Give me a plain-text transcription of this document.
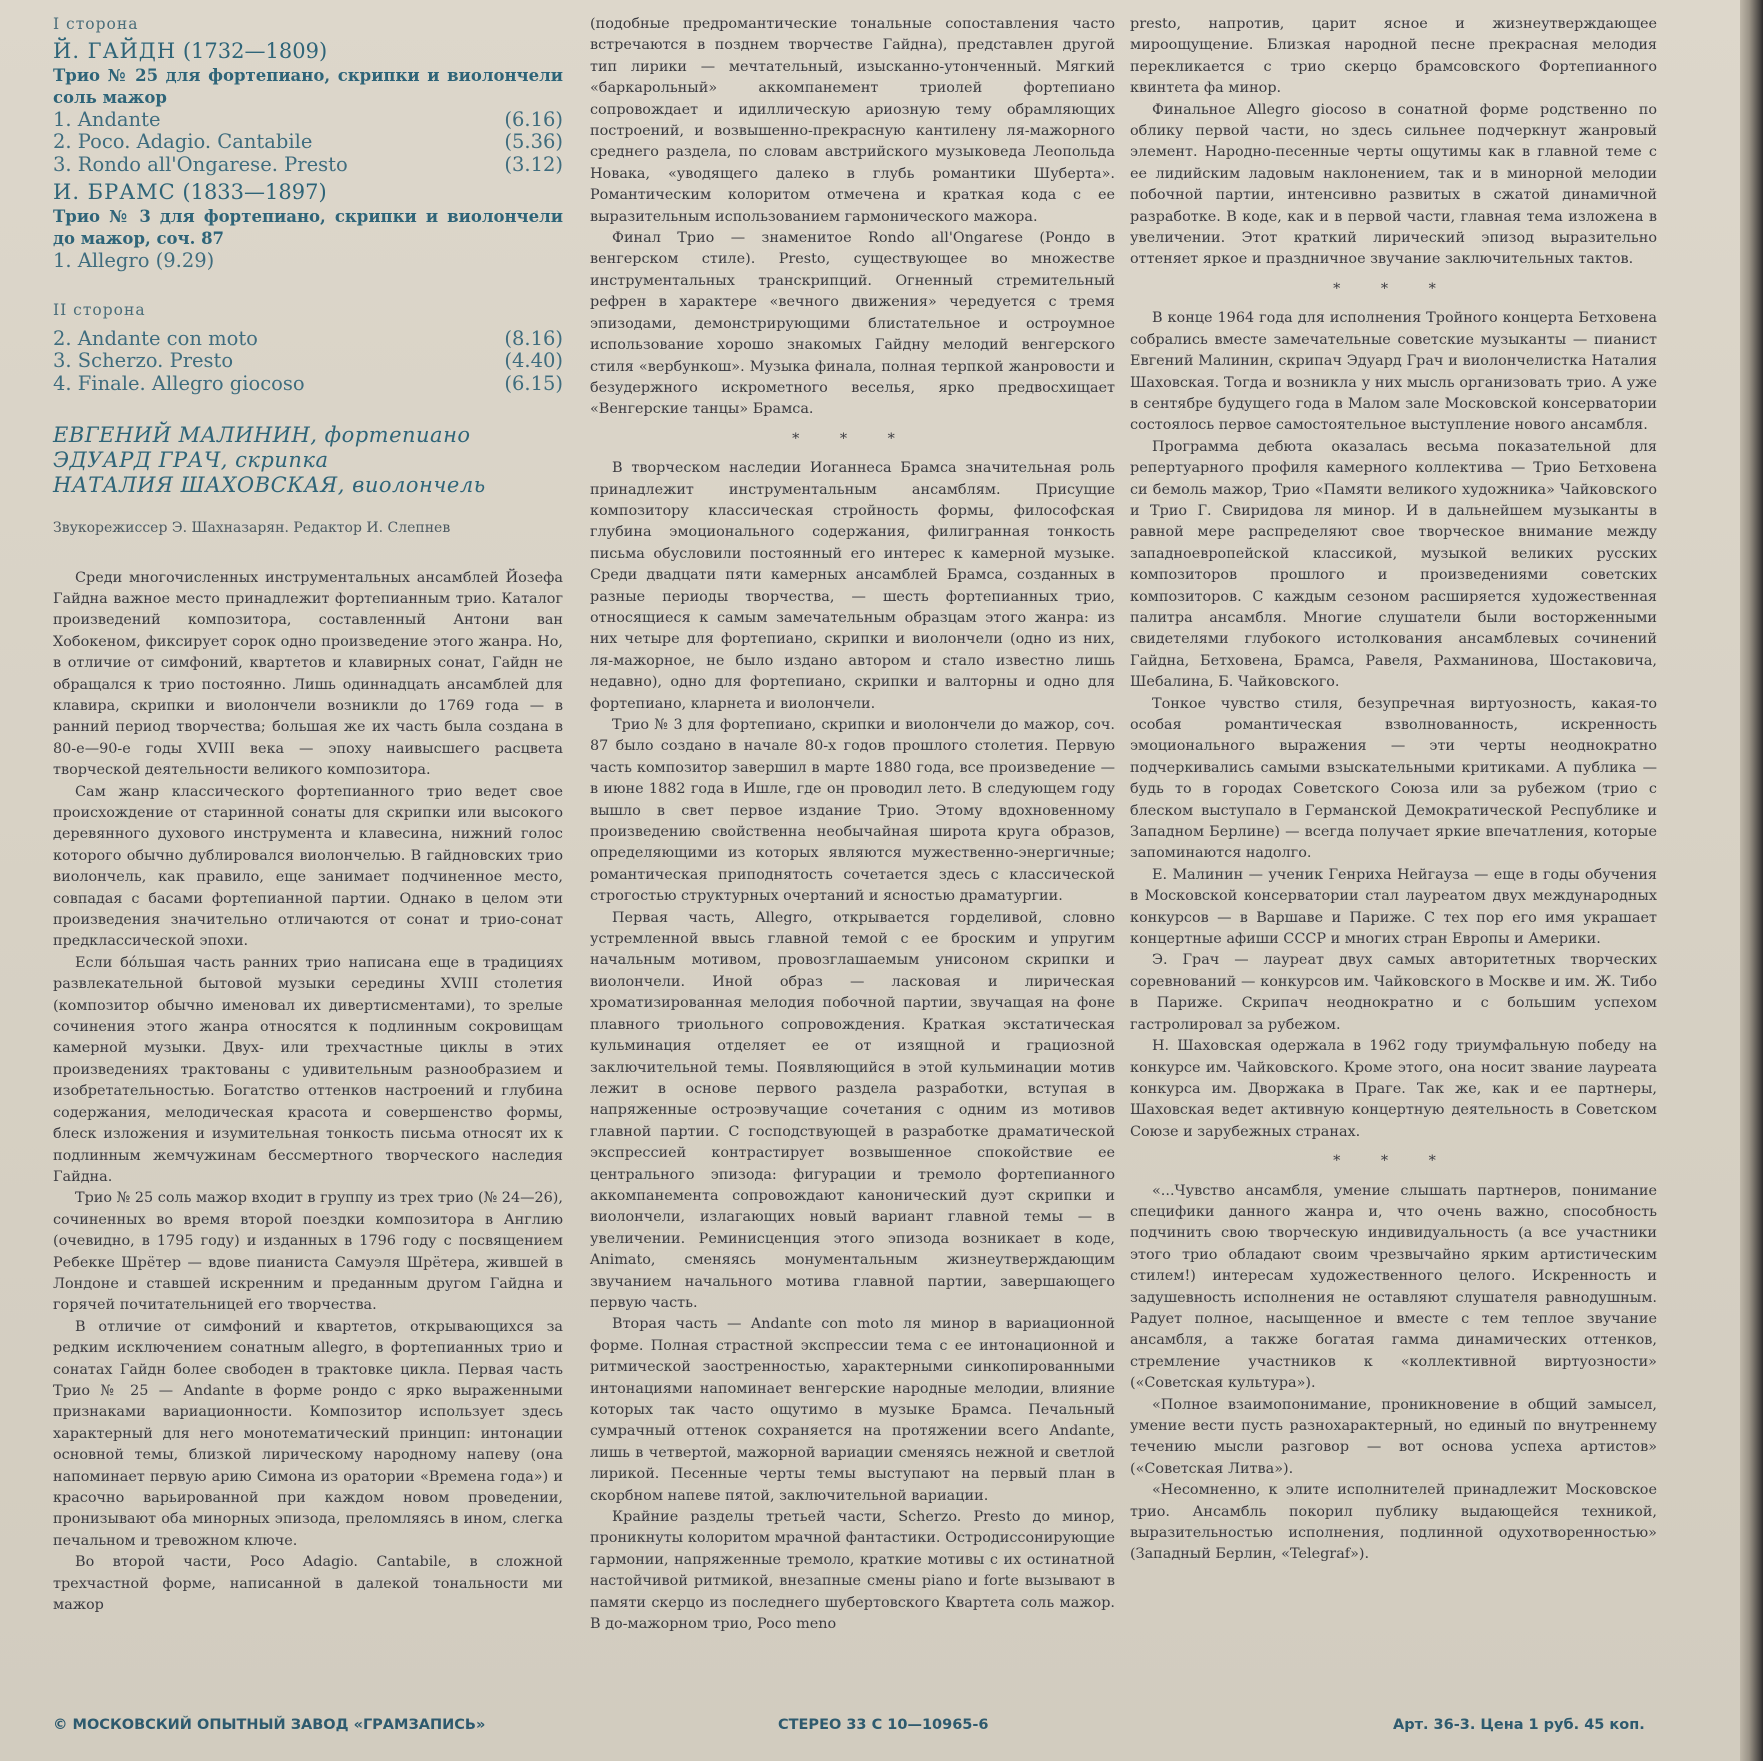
I сторона
Й. ГАЙДН (1732—1809)
Трио № 25 для фортепиано, скрипки и виолончели соль мажор
1. Andante	(6.16)
2. Poco. Adagio. Cantabile	(5.36)
3. Rondo all'Ongarese. Presto	(3.12)
И. БРАМС (1833—1897)
Трио № 3 для фортепиано, скрипки и виолончели до мажор, соч. 87
1. Allegro (9.29)
II сторона
2. Andante con moto	(8.16)
3. Scherzo. Presto	(4.40)
4. Finale. Allegro giocoso	(6.15)
ЕВГЕНИЙ МАЛИНИН, фортепиано
ЭДУАРД ГРАЧ, скрипка
НАТАЛИЯ ШАХОВСКАЯ, виолончель
Звукорежиссер Э. Шахназарян. Редактор И. Слепнев

Среди многочисленных инструментальных ансамблей Йозефа Гайдна важное место принадлежит фортепианным трио. Каталог произведений композитора, составленный Антони ван Хобокеном, фиксирует сорок одно произведение этого жанра. Но, в отличие от симфоний, квартетов и клавирных сонат, Гайдн не обращался к трио постоянно. Лишь одиннадцать ансамблей для клавира, скрипки и виолончели возникли до 1769 года — в ранний период творчества; большая же их часть была создана в 80-е—90-е годы XVIII века — эпоху наивысшего расцвета творческой деятельности великого композитора.

Сам жанр классического фортепианного трио ведет свое происхождение от старинной сонаты для скрипки или высокого деревянного духового инструмента и клавесина, нижний голос которого обычно дублировался виолончелью. В гайдновских трио виолончель, как правило, еще занимает подчиненное место, совпадая с басами фортепианной партии. Однако в целом эти произведения значительно отличаются от сонат и трио-сонат предклассической эпохи.

Если бóльшая часть ранних трио написана еще в традициях развлекательной бытовой музыки середины XVIII столетия (композитор обычно именовал их дивертисментами), то зрелые сочинения этого жанра относятся к подлинным сокровищам камерной музыки. Двух- или трехчастные циклы в этих произведениях трактованы с удивительным разнообразием и изобретательностью. Богатство оттенков настроений и глубина содержания, мелодическая красота и совершенство формы, блеск изложения и изумительная тонкость письма относят их к подлинным жемчужинам бессмертного творческого наследия Гайдна.

Трио № 25 соль мажор входит в группу из трех трио (№ 24—26), сочиненных во время второй поездки композитора в Англию (очевидно, в 1795 году) и изданных в 1796 году с посвящением Ребекке Шрётер — вдове пианиста Самуэля Шрётера, жившей в Лондоне и ставшей искренним и преданным другом Гайдна и горячей почитательницей его творчества.

В отличие от симфоний и квартетов, открывающихся за редким исключением сонатным allegro, в фортепианных трио и сонатах Гайдн более свободен в трактовке цикла. Первая часть Трио № 25 — Andante в форме рондо с ярко выраженными признаками вариационности. Композитор использует здесь характерный для него монотематический принцип: интонации основной темы, близкой лирическому народному напеву (она напоминает первую арию Симона из оратории «Времена года») и красочно варьированной при каждом новом проведении, пронизывают оба минорных эпизода, преломляясь в ином, слегка печальном и тревожном ключе.

Во второй части, Poco Adagio. Cantabile, в сложной трехчастной форме, написанной в далекой тональности ми мажор

(подобные предромантические тональные сопоставления часто встречаются в позднем творчестве Гайдна), представлен другой тип лирики — мечтательный, изысканно-утонченный. Мягкий «баркарольный» аккомпанемент триолей фортепиано сопровождает и идиллическую ариозную тему обрамляющих построений, и возвышенно-прекрасную кантилену ля-мажорного среднего раздела, по словам австрийского музыковеда Леопольда Новака, «уводящего далеко в глубь романтики Шуберта». Романтическим колоритом отмечена и краткая кода с ее выразительным использованием гармонического мажора.

Финал Трио — знаменитое Rondo all'Ongarese (Рондо в венгерском стиле). Presto, существующее во множестве инструментальных транскрипций. Огненный стремительный рефрен в характере «вечного движения» чередуется с тремя эпизодами, демонстрирующими блистательное и остроумное использование хорошо знакомых Гайдну мелодий венгерского стиля «вербункош». Музыка финала, полная терпкой жанровости и безудержного искрометного веселья, ярко предвосхищает «Венгерские танцы» Брамса.

* * *

В творческом наследии Иоганнеса Брамса значительная роль принадлежит инструментальным ансамблям. Присущие композитору классическая стройность формы, философская глубина эмоционального содержания, филигранная тонкость письма обусловили постоянный его интерес к камерной музыке. Среди двадцати пяти камерных ансамблей Брамса, созданных в разные периоды творчества, — шесть фортепианных трио, относящиеся к самым замечательным образцам этого жанра: из них четыре для фортепиано, скрипки и виолончели (одно из них, ля-мажорное, не было издано автором и стало известно лишь недавно), одно для фортепиано, скрипки и валторны и одно для фортепиано, кларнета и виолончели.

Трио № 3 для фортепиано, скрипки и виолончели до мажор, соч. 87 было создано в начале 80-х годов прошлого столетия. Первую часть композитор завершил в марте 1880 года, все произведение — в июне 1882 года в Ишле, где он проводил лето. В следующем году вышло в свет первое издание Трио. Этому вдохновенному произведению свойственна необычайная широта круга образов, определяющими из которых являются мужественно-энергичные; романтическая приподнятость сочетается здесь с классической строгостью структурных очертаний и ясностью драматургии.

Первая часть, Allegro, открывается горделивой, словно устремленной ввысь главной темой с ее броским и упругим начальным мотивом, провозглашаемым унисоном скрипки и виолончели. Иной образ — ласковая и лирическая хроматизированная мелодия побочной партии, звучащая на фоне плавного триольного сопровождения. Краткая экстатическая кульминация отделяет ее от изящной и грациозной заключительной темы. Появляющийся в этой кульминации мотив лежит в основе первого раздела разработки, вступая в напряженные остроэвучащие сочетания с одним из мотивов главной партии. С господствующей в разработке драматической экспрессией контрастирует возвышенное спокойствие ее центрального эпизода: фигурации и тремоло фортепианного аккомпанемента сопровождают канонический дуэт скрипки и виолончели, излагающих новый вариант главной темы — в увеличении. Реминисценция этого эпизода возникает в коде, Animato, сменяясь монументальным жизнеутверждающим звучанием начального мотива главной партии, завершающего первую часть.

Вторая часть — Andante con moto ля минор в вариационной форме. Полная страстной экспрессии тема с ее интонационной и ритмической заостренностью, характерными синкопированными интонациями напоминает венгерские народные мелодии, влияние которых так часто ощутимо в музыке Брамса. Печальный сумрачный оттенок сохраняется на протяжении всего Andante, лишь в четвертой, мажорной вариации сменяясь нежной и светлой лирикой. Песенные черты темы выступают на первый план в скорбном напеве пятой, заключительной вариации.

Крайние разделы третьей части, Scherzo. Presto до минор, проникнуты колоритом мрачной фантастики. Остродиссонирующие гармонии, напряженные тремоло, краткие мотивы с их остинатной настойчивой ритмикой, внезапные смены piano и forte вызывают в памяти скерцо из последнего шубертовского Квартета соль мажор. В до-мажорном трио, Poco meno

presto, напротив, царит ясное и жизнеутверждающее мироощущение. Близкая народной песне прекрасная мелодия перекликается с трио скерцо брамсовского Фортепианного квинтета фа минор.

Финальное Allegro giocoso в сонатной форме родственно по облику первой части, но здесь сильнее подчеркнут жанровый элемент. Народно-песенные черты ощутимы как в главной теме с ее лидийским ладовым наклонением, так и в минорной мелодии побочной партии, интенсивно развитых в сжатой динамичной разработке. В коде, как и в первой части, главная тема изложена в увеличении. Этот краткий лирический эпизод выразительно оттеняет яркое и праздничное звучание заключительных тактов.

* * *

В конце 1964 года для исполнения Тройного концерта Бетховена собрались вместе замечательные советские музыканты — пианист Евгений Малинин, скрипач Эдуард Грач и виолончелистка Наталия Шаховская. Тогда и возникла у них мысль организовать трио. А уже в сентябре будущего года в Малом зале Московской консерватории состоялось первое самостоятельное выступление нового ансамбля.

Программа дебюта оказалась весьма показательной для репертуарного профиля камерного коллектива — Трио Бетховена си бемоль мажор, Трио «Памяти великого художника» Чайковского и Трио Г. Свиридова ля минор. И в дальнейшем музыканты в равной мере распределяют свое творческое внимание между западноевропейской классикой, музыкой великих русских композиторов прошлого и произведениями советских композиторов. С каждым сезоном расширяется художественная палитра ансамбля. Многие слушатели были восторженными свидетелями глубокого истолкования ансамблевых сочинений Гайдна, Бетховена, Брамса, Равеля, Рахманинова, Шостаковича, Шебалина, Б. Чайковского.

Тонкое чувство стиля, безупречная виртуозность, какая-то особая романтическая взволнованность, искренность эмоционального выражения — эти черты неоднократно подчеркивались самыми взыскательными критиками. А публика — будь то в городах Советского Союза или за рубежом (трио с блеском выступало в Германской Демократической Республике и Западном Берлине) — всегда получает яркие впечатления, которые запоминаются надолго.

Е. Малинин — ученик Генриха Нейгауза — еще в годы обучения в Московской консерватории стал лауреатом двух международных конкурсов — в Варшаве и Париже. С тех пор его имя украшает концертные афиши СССР и многих стран Европы и Америки.

Э. Грач — лауреат двух самых авторитетных творческих соревнований — конкурсов им. Чайковского в Москве и им. Ж. Тибо в Париже. Скрипач неоднократно и с большим успехом гастролировал за рубежом.

Н. Шаховская одержала в 1962 году триумфальную победу на конкурсе им. Чайковского. Кроме этого, она носит звание лауреата конкурса им. Дворжака в Праге. Так же, как и ее партнеры, Шаховская ведет активную концертную деятельность в Советском Союзе и зарубежных странах.

* * *

«...Чувство ансамбля, умение слышать партнеров, понимание специфики данного жанра и, что очень важно, способность подчинить свою творческую индивидуальность (а все участники этого трио обладают своим чрезвычайно ярким артистическим стилем!) интересам художественного целого. Искренность и задушевность исполнения не оставляют слушателя равнодушным. Радует полное, насыщенное и вместе с тем теплое звучание ансамбля, а также богатая гамма динамических оттенков, стремление участников к «коллективной виртуозности» («Советская культура»).

«Полное взаимопонимание, проникновение в общий замысел, умение вести пусть разнохарактерный, но единый по внутреннему течению мысли разговор — вот основа успеха артистов» («Советская Литва»).

«Несомненно, к элите исполнителей принадлежит Московское трио. Ансамбль покорил публику выдающейся техникой, выразительностью исполнения, подлинной одухотворенностью» (Западный Берлин, «Telegraf»).

© МОСКОВСКИЙ ОПЫТНЫЙ ЗАВОД «ГРАМЗАПИСЬ»	СТЕРЕО 33 С 10—10965-6	Арт. 36-3. Цена 1 руб. 45 коп.
